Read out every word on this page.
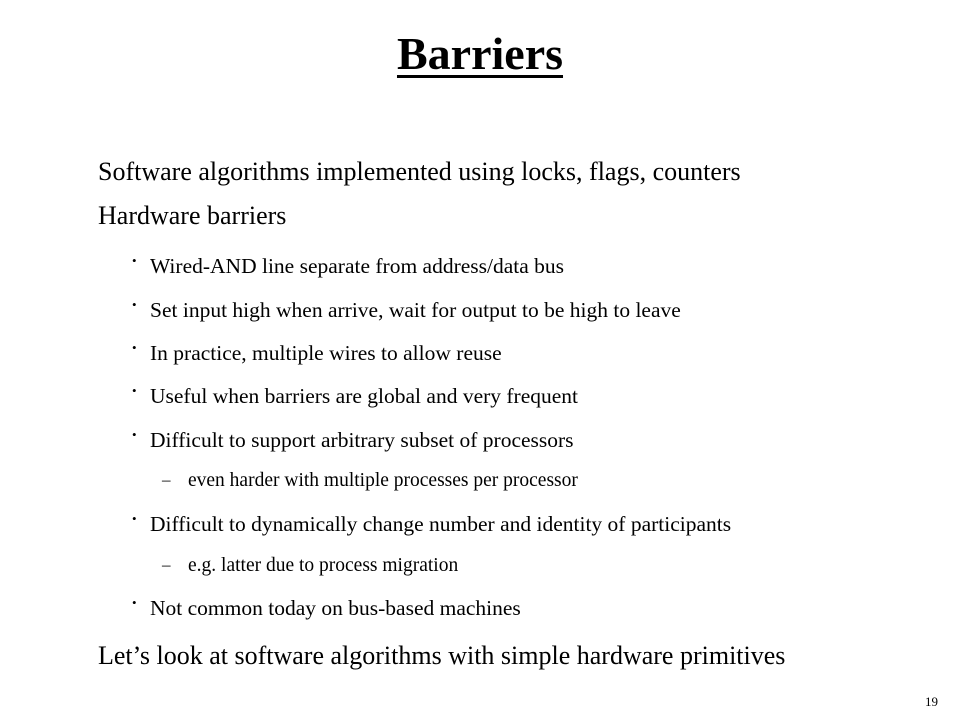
Barriers
Software algorithms implemented using locks, flags, counters
Hardware barriers
• Wired-AND line separate from address/data bus
• Set input high when arrive, wait for output to be high to leave
• In practice, multiple wires to allow reuse
• Useful when barriers are global and very frequent
• Difficult to support arbitrary subset of processors
– even harder with multiple processes per processor
• Difficult to dynamically change number and identity of participants
– e.g. latter due to process migration
• Not common today on bus-based machines
Let’s look at software algorithms with simple hardware primitives
19
